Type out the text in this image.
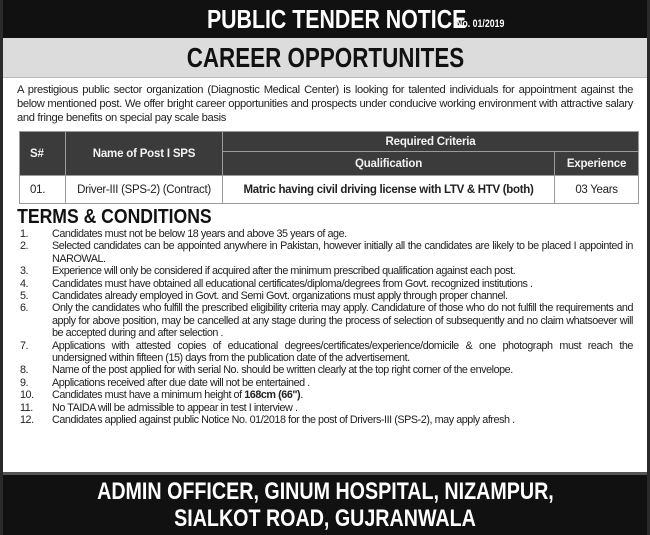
PUBLIC TENDER NOTICE
No. 01/2019
CAREER OPPORTUNITES

A prestigious public sector organization (Diagnostic Medical Center) is looking for talented individuals for appointment against the below mentioned post. We offer bright career opportunities and prospects under conducive working environment with attractive salary and fringe benefits on special pay scale basis

S#	Name of Post I SPS	Required Criteria	
		Qualification	Experience
01.	Driver-III (SPS-2) (Contract)	Matric having civil driving license with LTV & HTV (both)	03 Years
TERMS & CONDITIONS
1.	Candidates must not be below 18 years and above 35 years of age.
2.	Selected candidates can be appointed anywhere in Pakistan, however initially all the candidates are likely to be placed I appointed in NAROWAL.
3.	Experience will only be considered if acquired after the minimum prescribed qualification against each post.
4.	Candidates must have obtained all educational certificates/diploma/degrees from Govt. recognized institutions .
5.	Candidates already employed in Govt. and Semi Govt. organizations must apply through proper channel.
6.	Only the candidates who fulfill the prescribed eligibility criteria may apply. Candidature of those who do not fulfill the requirements and apply for above position, may be cancelled at any stage during the process of selection of subsequently and no claim whatsoever will be accepted during and after selection .
7.	Applications with attested copies of educational degrees/certificates/experience/domicile & one photograph must reach the undersigned within fifteen (15) days from the publication date of the advertisement.
8.	Name of the post applied for with serial No. should be written clearly at the top right corner of the envelope.
9.	Applications received after due date will not be entertained .
10.	Candidates must have a minimum height of 168cm (66").
11.	No TAIDA will be admissible to appear in test I interview .
12.	Candidates applied against public Notice No. 01/2018 for the post of Drivers-III (SPS-2), may apply afresh .
ADMIN OFFICER, GINUM HOSPITAL, NIZAMPUR,
SIALKOT ROAD, GUJRANWALA
